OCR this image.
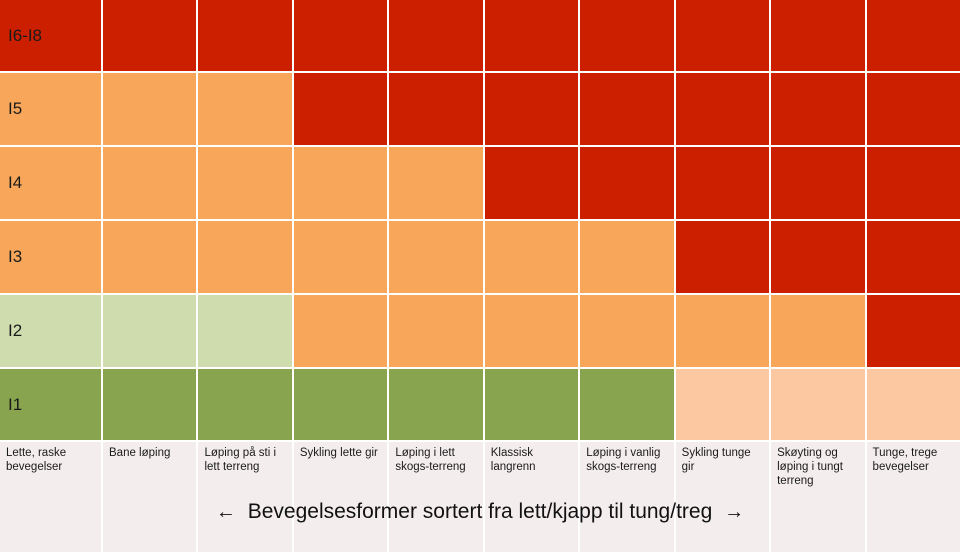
I6-I8
I5
I4
I3
I2
I1
Lette, raske bevegelser
Bane løping	Løping på sti i lett terreng
Sykling lette gir	Løping i lett skogs-terreng
Klassisk langrenn
Løping i vanlig skogs-terreng
Sykling tunge gir
Skøyting og løping i tungt terreng
Tunge, trege bevegelser
← Bevegelsesformer sortert fra lett/kjapp til tung/treg →
